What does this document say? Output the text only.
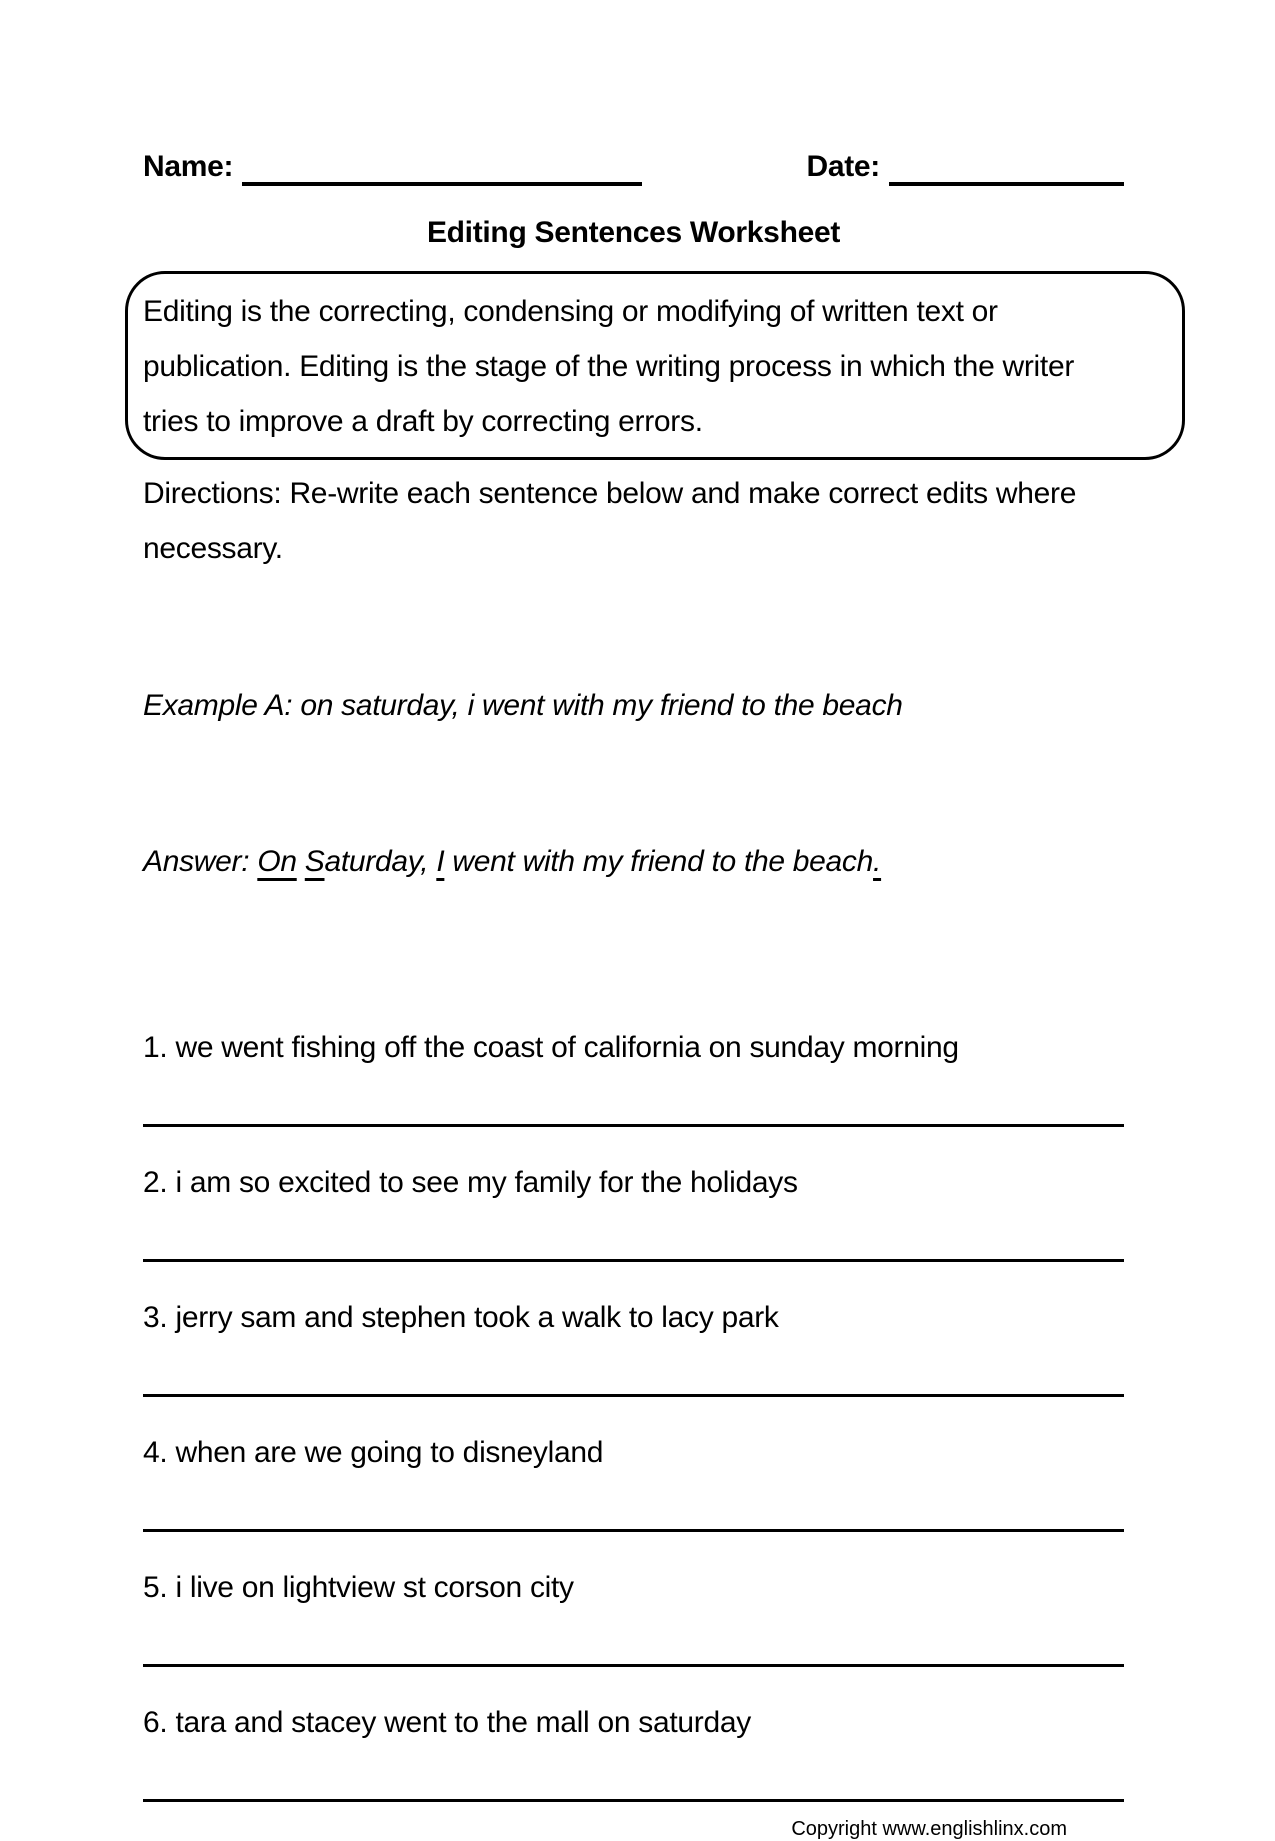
Name:	Date:
Editing Sentences Worksheet
Editing is the correcting, condensing or modifying of written text or
publication. Editing is the stage of the writing process in which the writer
tries to improve a draft by correcting errors.
Directions: Re-write each sentence below and make correct edits where
necessary.

Example A: on saturday, i went with my friend to the beach

Answer: On Saturday, I went with my friend to the beach.

1. we went fishing off the coast of california on sunday morning
2. i am so excited to see my family for the holidays
3. jerry sam and stephen took a walk to lacy park
4. when are we going to disneyland
5. i live on lightview st corson city
6. tara and stacey went to the mall on saturday
Copyright www.englishlinx.com
